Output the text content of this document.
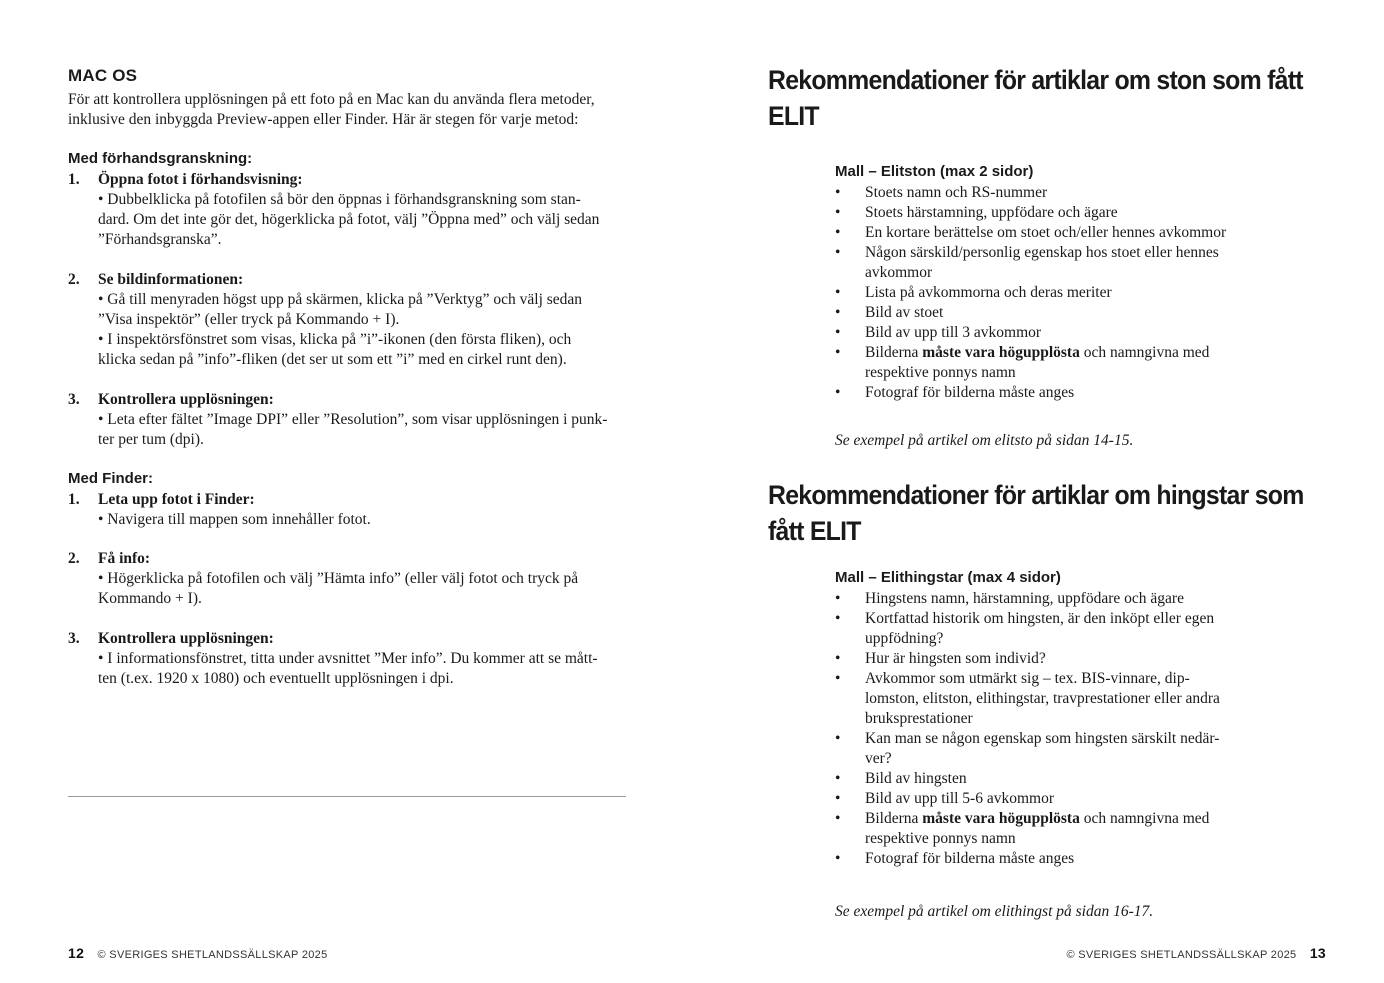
MAC OS
För att kontrollera upplösningen på ett foto på en Mac kan du använda flera metoder,
inklusive den inbyggda Preview-appen eller Finder. Här är stegen för varje metod:
Med förhandsgranskning:
1. Öppna fotot i förhandsvisning:
• Dubbelklicka på fotofilen så bör den öppnas i förhandsgranskning som stan-
dard. Om det inte gör det, högerklicka på fotot, välj ”Öppna med” och välj sedan
”Förhandsgranska”.
2. Se bildinformationen:
• Gå till menyraden högst upp på skärmen, klicka på ”Verktyg” och välj sedan
”Visa inspektör” (eller tryck på Kommando + I).
• I inspektörsfönstret som visas, klicka på ”i”-ikonen (den första fliken), och
klicka sedan på ”info”-fliken (det ser ut som ett ”i” med en cirkel runt den).
3. Kontrollera upplösningen:
• Leta efter fältet ”Image DPI” eller ”Resolution”, som visar upplösningen i punk-
ter per tum (dpi).
Med Finder:
1. Leta upp fotot i Finder:
• Navigera till mappen som innehåller fotot.
2. Få info:
• Högerklicka på fotofilen och välj ”Hämta info” (eller välj fotot och tryck på
Kommando + I).
3. Kontrollera upplösningen:
• I informationsfönstret, titta under avsnittet ”Mer info”. Du kommer att se mått-
ten (t.ex. 1920 x 1080) och eventuellt upplösningen i dpi.
12 © SVERIGES SHETLANDSSÄLLSKAP 2025
Rekommendationer för artiklar om ston som fått
ELIT
Mall – Elitston (max 2 sidor)
• Stoets namn och RS-nummer
• Stoets härstamning, uppfödare och ägare
• En kortare berättelse om stoet och/eller hennes avkommor
• Någon särskild/personlig egenskap hos stoet eller hennes
avkommor
• Lista på avkommorna och deras meriter
• Bild av stoet
• Bild av upp till 3 avkommor
• Bilderna måste vara högupplösta och namngivna med
respektive ponnys namn
• Fotograf för bilderna måste anges
Se exempel på artikel om elitsto på sidan 14-15.
Rekommendationer för artiklar om hingstar som
fått ELIT
Mall – Elithingstar (max 4 sidor)
• Hingstens namn, härstamning, uppfödare och ägare
• Kortfattad historik om hingsten, är den inköpt eller egen
uppfödning?
• Hur är hingsten som individ?
• Avkommor som utmärkt sig – tex. BIS-vinnare, dip-
lomston, elitston, elithingstar, travprestationer eller andra
bruksprestationer
• Kan man se någon egenskap som hingsten särskilt nedär-
ver?
• Bild av hingsten
• Bild av upp till 5-6 avkommor
• Bilderna måste vara högupplösta och namngivna med
respektive ponnys namn
• Fotograf för bilderna måste anges
Se exempel på artikel om elithingst på sidan 16-17.
© SVERIGES SHETLANDSSÄLLSKAP 2025 13
